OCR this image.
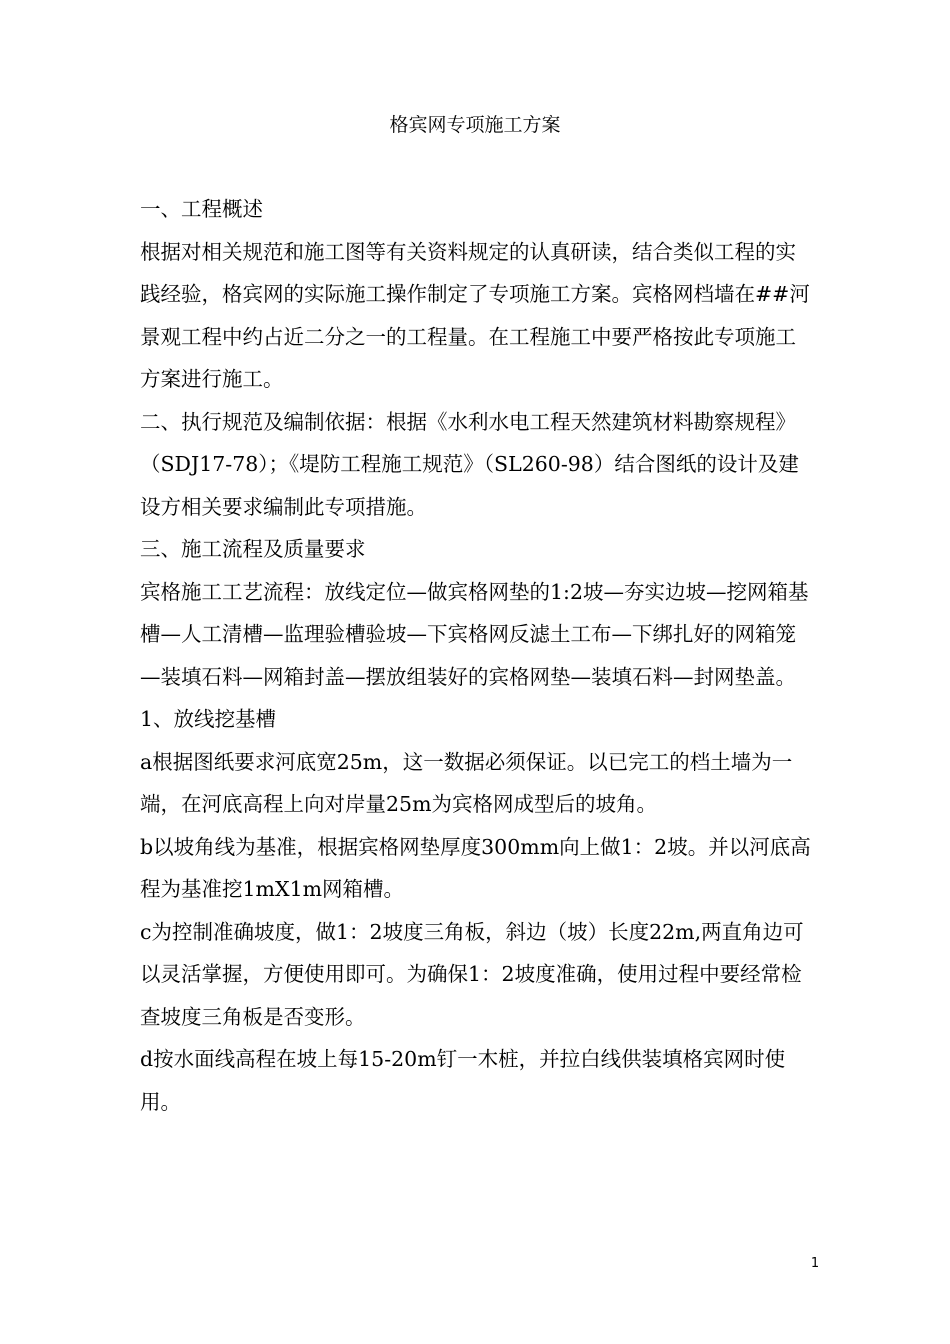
格宾网专项施工方案

一、工程概述

根据对相关规范和施工图等有关资料规定的认真研读，结合类似工程的实践经验，格宾网的实际施工操作制定了专项施工方案。宾格网档墙在##河景观工程中约占近二分之一的工程量。在工程施工中要严格按此专项施工方案进行施工。

二、执行规范及编制依据：根据《水利水电工程天然建筑材料勘察规程》（SDJ17-78）；《堤防工程施工规范》（SL260-98）结合图纸的设计及建设方相关要求编制此专项措施。

三、施工流程及质量要求

宾格施工工艺流程：放线定位—做宾格网垫的1:2坡—夯实边坡—挖网箱基槽—人工清槽—监理验槽验坡—下宾格网反滤土工布—下绑扎好的网箱笼—装填石料—网箱封盖—摆放组装好的宾格网垫—装填石料—封网垫盖。

1、放线挖基槽

a根据图纸要求河底宽25m，这一数据必须保证。以已完工的档土墙为一端，在河底高程上向对岸量25m为宾格网成型后的坡角。

b以坡角线为基准，根据宾格网垫厚度300mm向上做1：2坡。并以河底高程为基准挖1mX1m网箱槽。

c为控制准确坡度，做1：2坡度三角板，斜边（坡）长度22m,两直角边可以灵活掌握，方便使用即可。为确保1：2坡度准确，使用过程中要经常检查坡度三角板是否变形。

d按水面线高程在坡上每15-20m钉一木桩，并拉白线供装填格宾网时使用。

1
